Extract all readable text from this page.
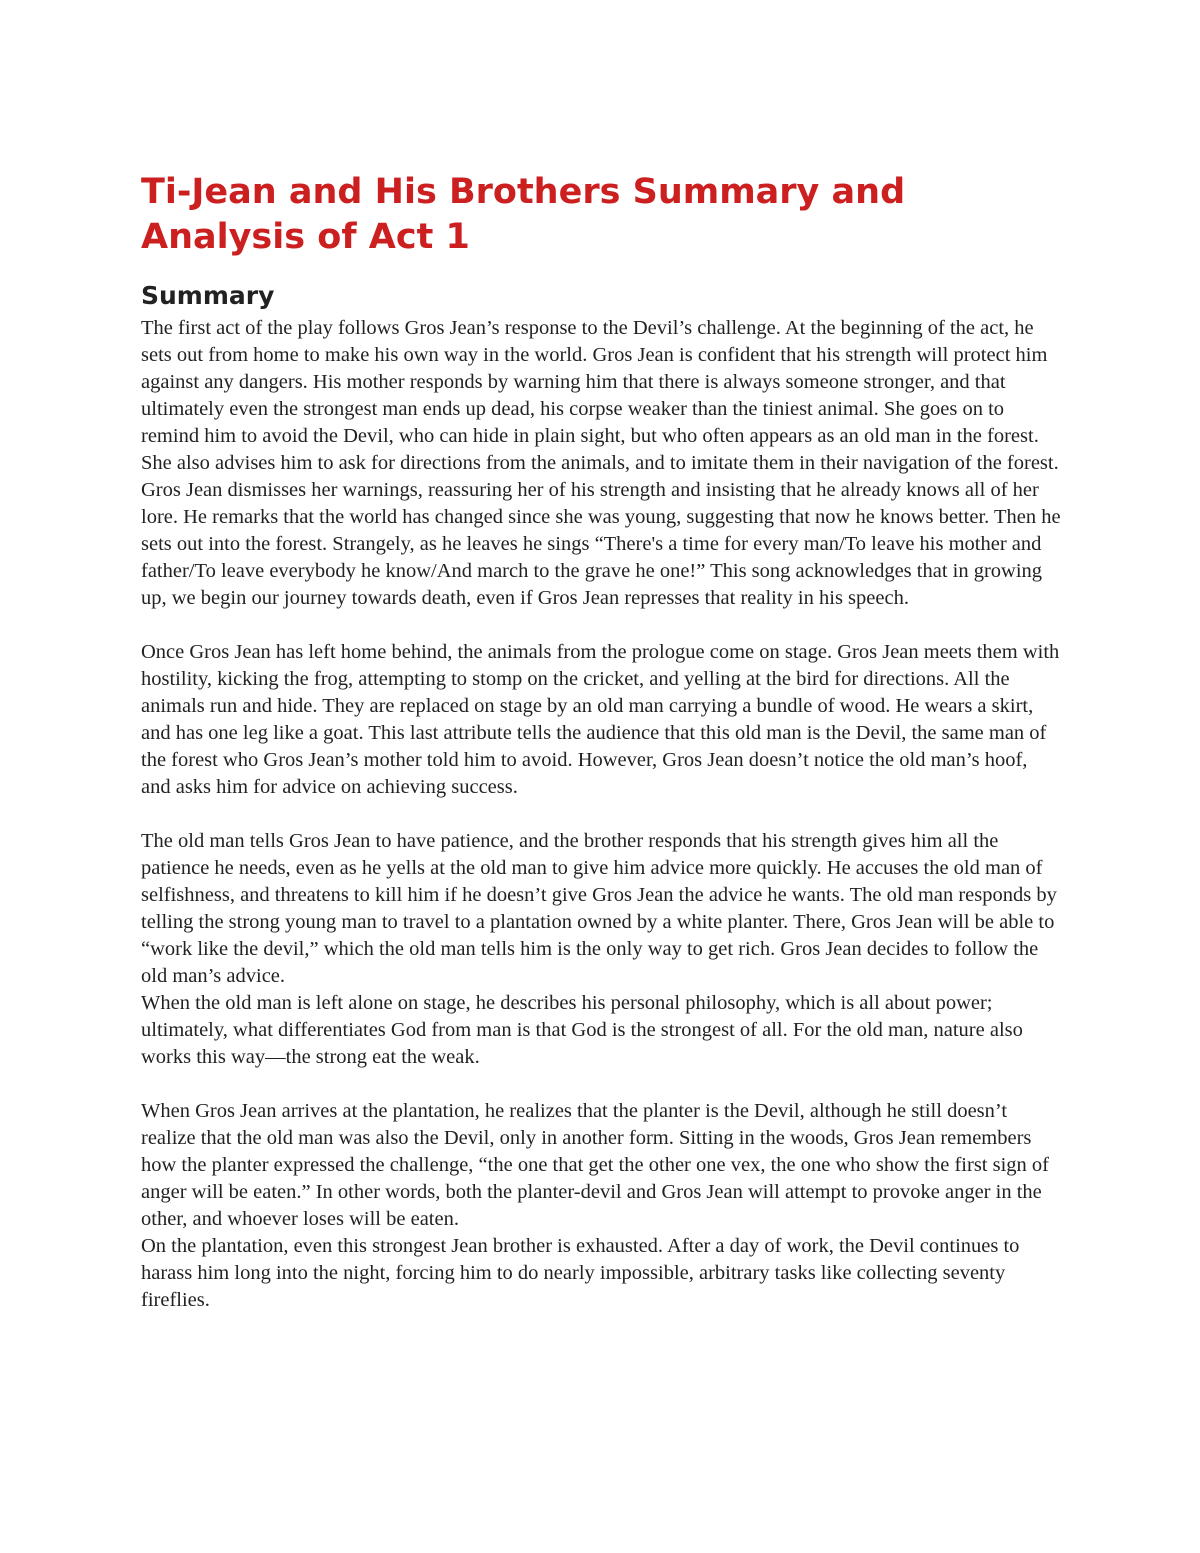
Ti-Jean and His Brothers Summary and Analysis of Act 1
Summary

The first act of the play follows Gros Jean’s response to the Devil’s challenge. At the beginning of the act, he sets out from home to make his own way in the world. Gros Jean is confident that his strength will protect him against any dangers. His mother responds by warning him that there is always someone stronger, and that ultimately even the strongest man ends up dead, his corpse weaker than the tiniest animal. She goes on to remind him to avoid the Devil, who can hide in plain sight, but who often appears as an old man in the forest. She also advises him to ask for directions from the animals, and to imitate them in their navigation of the forest.

Gros Jean dismisses her warnings, reassuring her of his strength and insisting that he already knows all of her lore. He remarks that the world has changed since she was young, suggesting that now he knows better. Then he sets out into the forest. Strangely, as he leaves he sings “There's a time for every man/To leave his mother and father/To leave everybody he know/And march to the grave he one!” This song acknowledges that in growing up, we begin our journey towards death, even if Gros Jean represses that reality in his speech.

Once Gros Jean has left home behind, the animals from the prologue come on stage. Gros Jean meets them with hostility, kicking the frog, attempting to stomp on the cricket, and yelling at the bird for directions. All the animals run and hide. They are replaced on stage by an old man carrying a bundle of wood. He wears a skirt, and has one leg like a goat. This last attribute tells the audience that this old man is the Devil, the same man of the forest who Gros Jean’s mother told him to avoid. However, Gros Jean doesn’t notice the old man’s hoof, and asks him for advice on achieving success.

The old man tells Gros Jean to have patience, and the brother responds that his strength gives him all the patience he needs, even as he yells at the old man to give him advice more quickly. He accuses the old man of selfishness, and threatens to kill him if he doesn’t give Gros Jean the advice he wants. The old man responds by telling the strong young man to travel to a plantation owned by a white planter. There, Gros Jean will be able to “work like the devil,” which the old man tells him is the only way to get rich. Gros Jean decides to follow the old man’s advice.

When the old man is left alone on stage, he describes his personal philosophy, which is all about power; ultimately, what differentiates God from man is that God is the strongest of all. For the old man, nature also works this way—the strong eat the weak.

When Gros Jean arrives at the plantation, he realizes that the planter is the Devil, although he still doesn’t realize that the old man was also the Devil, only in another form. Sitting in the woods, Gros Jean remembers how the planter expressed the challenge, “the one that get the other one vex, the one who show the first sign of anger will be eaten.” In other words, both the planter-devil and Gros Jean will attempt to provoke anger in the other, and whoever loses will be eaten.

On the plantation, even this strongest Jean brother is exhausted. After a day of work, the Devil continues to harass him long into the night, forcing him to do nearly impossible, arbitrary tasks like collecting seventy fireflies.
